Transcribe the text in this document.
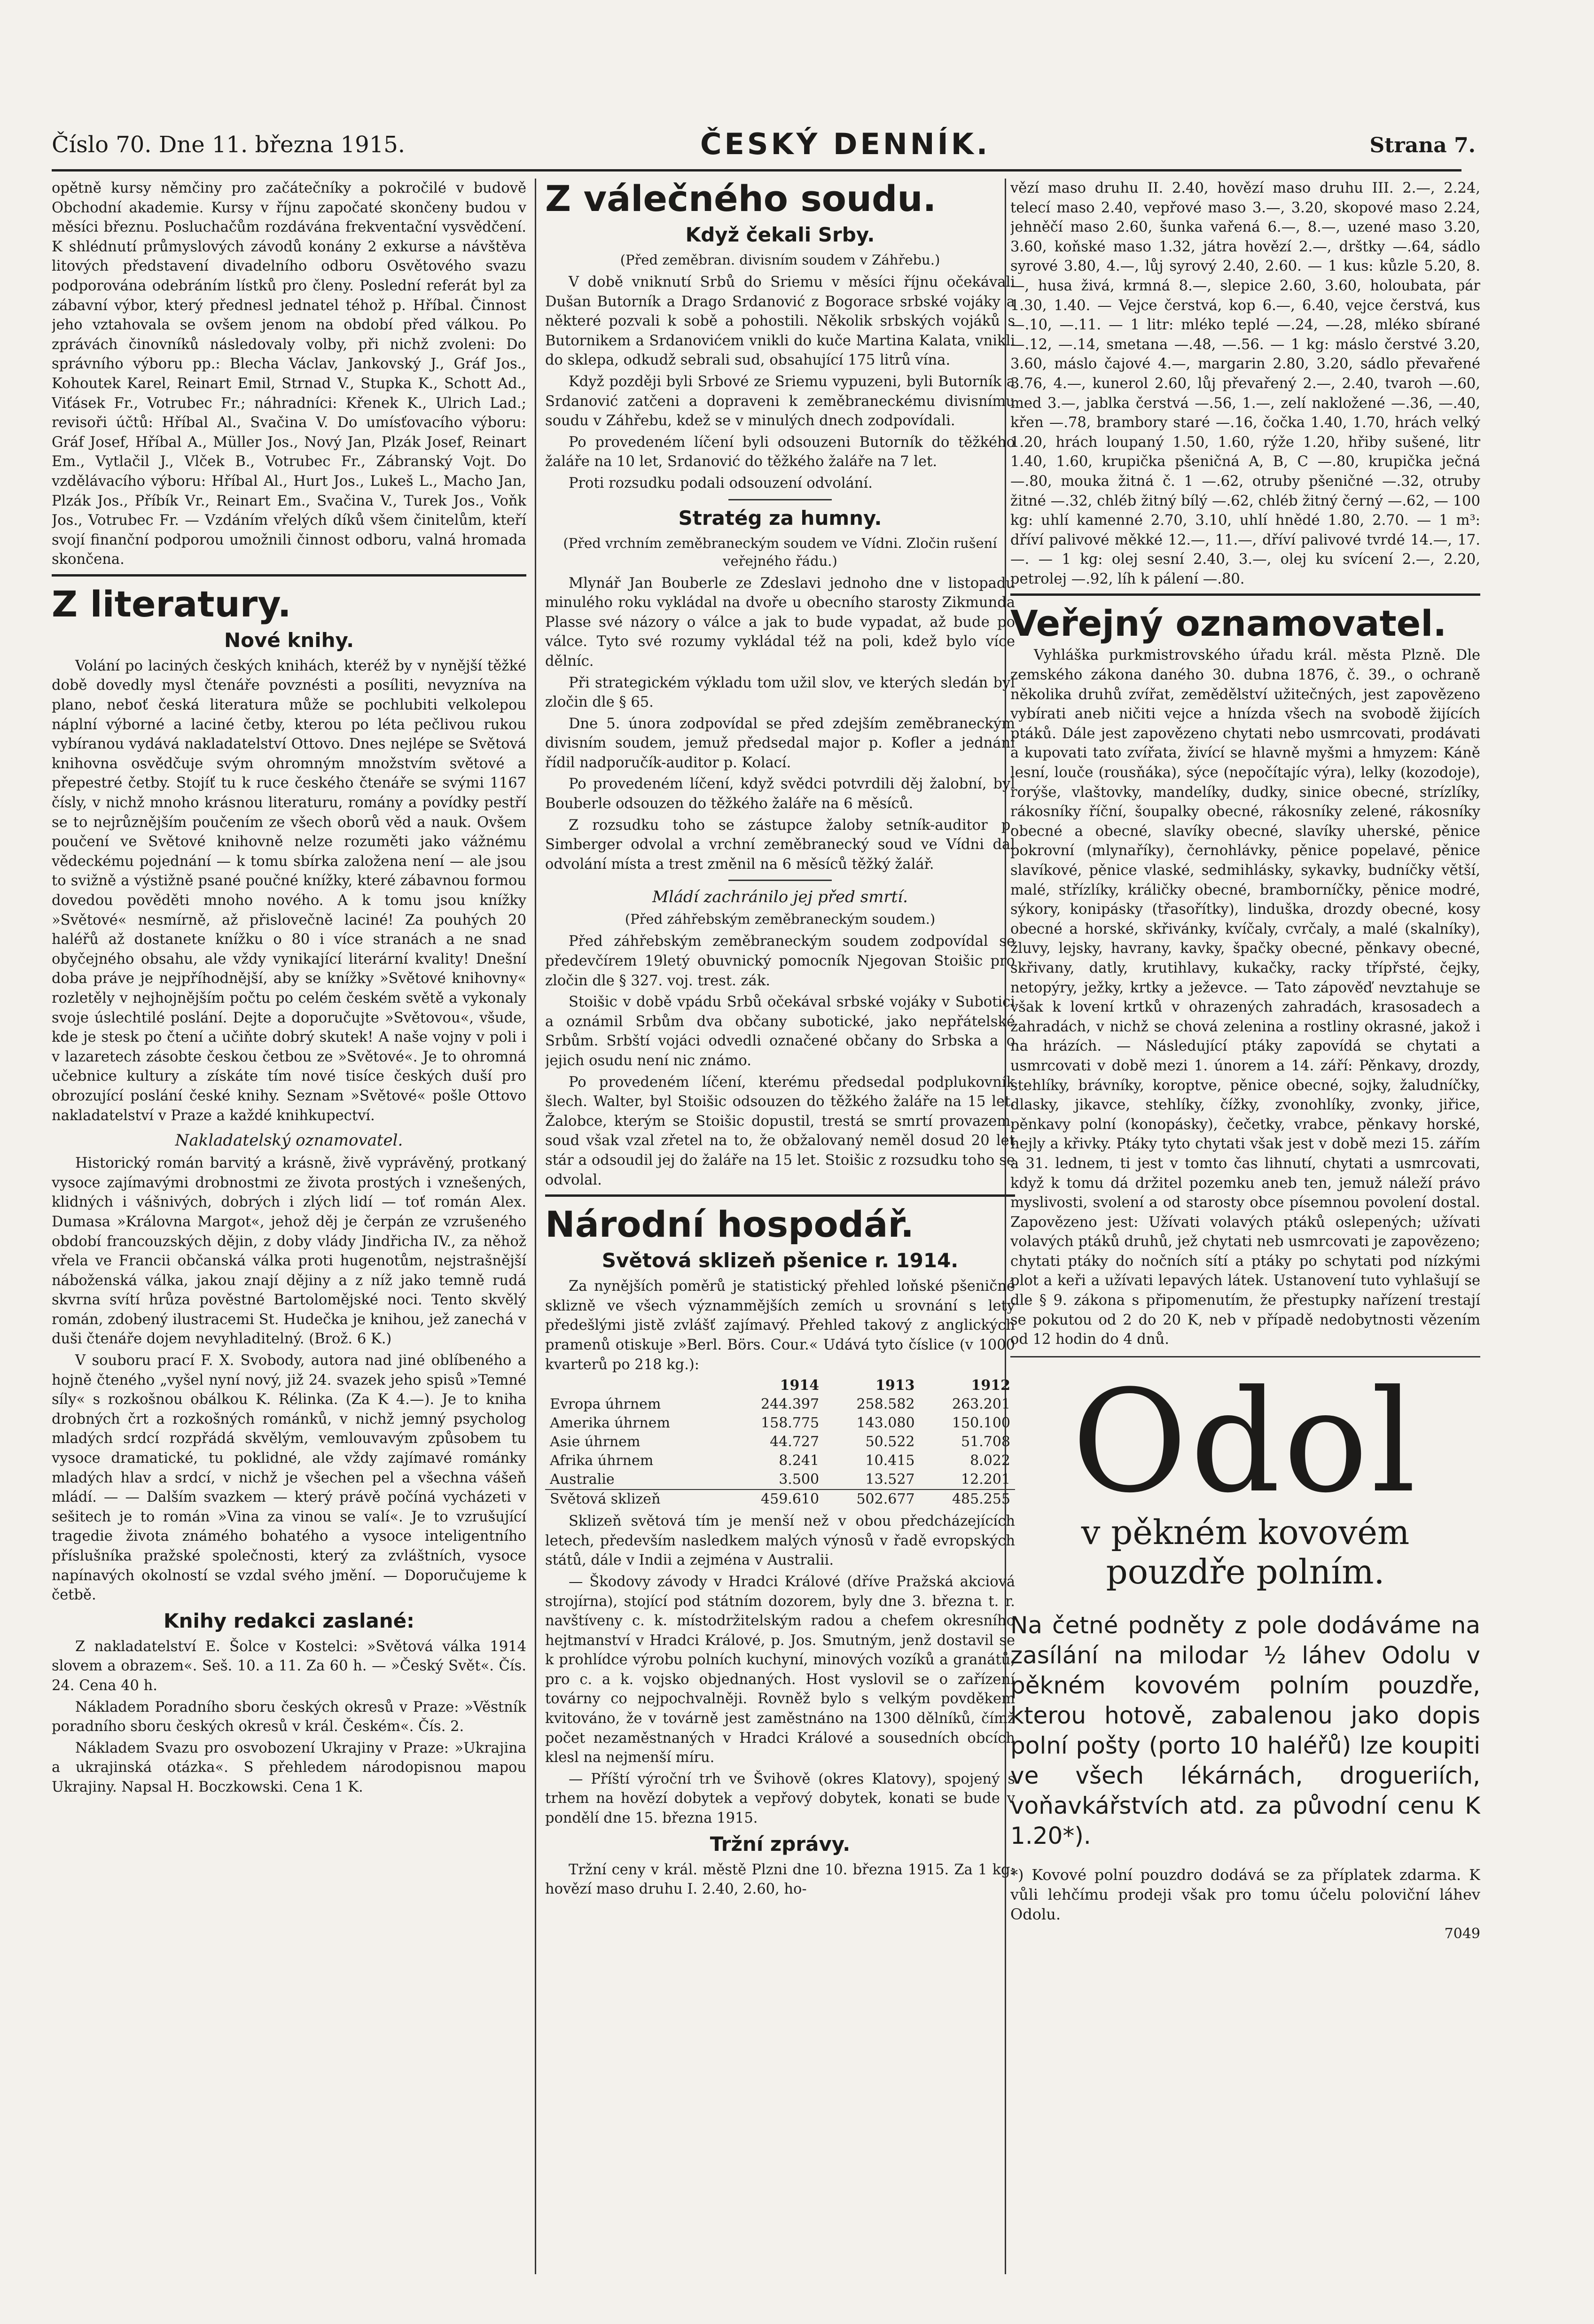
Číslo 70. Dne 11. března 1915.	ČESKÝ DENNÍK.	Strana 7.

opětně kursy němčiny pro začátečníky a pokročilé v budově Obchodní akademie. Kursy v říjnu započaté skončeny budou v měsíci březnu. Posluchačům rozdávána frekventační vysvědčení. K shlédnutí průmyslových závodů konány 2 exkurse a návštěva litových představení divadelního odboru Osvětového svazu podporována odebráním lístků pro členy. Poslední referát byl za zábavní výbor, který přednesl jednatel téhož p. Hříbal. Činnost jeho vztahovala se ovšem jenom na období před válkou. Po zprávách činovníků následovaly volby, při nichž zvoleni: Do správního výboru pp.: Blecha Václav, Jankovský J., Gráf Jos., Kohoutek Karel, Reinart Emil, Strnad V., Stupka K., Schott Ad., Viťásek Fr., Votrubec Fr.; náhradníci: Křenek K., Ulrich Lad.; revisoři účtů: Hříbal Al., Svačina V. Do umísťovacího výboru: Gráf Josef, Hříbal A., Müller Jos., Nový Jan, Plzák Josef, Reinart Em., Vytlačil J., Vlček B., Votrubec Fr., Zábranský Vojt. Do vzdělávacího výboru: Hříbal Al., Hurt Jos., Lukeš L., Macho Jan, Plzák Jos., Příbík Vr., Reinart Em., Svačina V., Turek Jos., Voňk Jos., Votrubec Fr. — Vzdáním vřelých díků všem činitelům, kteří svojí finanční podporou umožnili činnost odboru, valná hromada skončena.

Z literatury.
Nové knihy.

Volání po laciných českých knihách, kteréž by v nynější těžké době dovedly mysl čtenáře povznésti a posíliti, nevyzníva na plano, neboť česká literatura může se pochlubiti velkolepou náplní výborné a laciné četby, kterou po léta pečlivou rukou vybíranou vydává nakladatelství Ottovo. Dnes nejlépe se Světová knihovna osvědčuje svým ohromným množstvím světové a přepestré četby. Stojíť tu k ruce českého čtenáře se svými 1167 čísly, v nichž mnoho krásnou literaturu, romány a povídky pestří se to nejrůznějším poučením ze všech oborů věd a nauk. Ovšem poučení ve Světové knihovně nelze rozuměti jako vážnému vědeckému pojednání — k tomu sbírka založena není — ale jsou to svižně a výstižně psané poučné knížky, které zábavnou formou dovedou pověděti mnoho nového. A k tomu jsou knížky »Světové« nesmírně, až přislovečně laciné! Za pouhých 20 haléřů až dostanete knížku o 80 i více stranách a ne snad obyčejného obsahu, ale vždy vynikající literární kvality! Dnešní doba práve je nejpříhodnější, aby se knížky »Světové knihovny« rozletěly v nejhojnějším počtu po celém českém světě a vykonaly svoje úslechtilé poslání. Dejte a doporučujte »Světovou«, všude, kde je stesk po čtení a učiňte dobrý skutek! A naše vojny v poli i v lazaretech zásobte českou četbou ze »Světové«. Je to ohromná učebnice kultury a získáte tím nové tisíce českých duší pro obrozující poslání české knihy. Seznam »Světové« pošle Ottovo nakladatelství v Praze a každé knihkupectví.

Nakladatelský oznamovatel.

Historický román barvitý a krásně, živě vyprávěný, protkaný vysoce zajímavými drobnostmi ze života prostých i vznešených, klidných i vášnivých, dobrých i zlých lidí — toť román Alex. Dumasa »Královna Margot«, jehož děj je čerpán ze vzrušeného období francouzských dějin, z doby vlády Jindřicha IV., za něhož vřela ve Francii občanská válka proti hugenotům, nejstrašnější náboženská válka, jakou znají dějiny a z níž jako temně rudá skvrna svítí hrůza pověstné Bartolomějské noci. Tento skvělý román, zdobený ilustracemi St. Hudečka je knihou, jež zanechá v duši čtenáře dojem nevyhladitelný. (Brož. 6 K.)

V souboru prací F. X. Svobody, autora nad jiné oblíbeného a hojně čteného „vyšel nyní nový, již 24. svazek jeho spisů »Temné síly« s rozkošnou obálkou K. Rélinka. (Za K 4.—). Je to kniha drobných črt a rozkošných románků, v nichž jemný psycholog mladých srdcí rozpřádá skvělým, vemlouvavým způsobem tu vysoce dramatické, tu poklidné, ale vždy zajímavé románky mladých hlav a srdcí, v nichž je všechen pel a všechna vášeň mládí. — — Dalším svazkem — který právě počíná vycházeti v sešitech je to román »Vina za vinou se valí«. Je to vzrušující tragedie života známého bohatého a vysoce inteligentního příslušníka pražské společnosti, který za zvláštních, vysoce napínavých okolností se vzdal svého jmění. — Doporučujeme k četbě.

Knihy redakci zaslané:

Z nakladatelství E. Šolce v Kostelci: »Světová válka 1914 slovem a obrazem«. Seš. 10. a 11. Za 60 h. — »Český Svět«. Čís. 24. Cena 40 h.

Nákladem Poradního sboru českých okresů v Praze: »Věstník poradního sboru českých okresů v král. Českém«. Čís. 2.

Nákladem Svazu pro osvobození Ukrajiny v Praze: »Ukrajina a ukrajinská otázka«. S přehledem národopisnou mapou Ukrajiny. Napsal H. Boczkowski. Cena 1 K.

Z válečného soudu.
Když čekali Srby.
(Před zeměbran. divisním soudem v Záhřebu.)

V době vniknutí Srbů do Sriemu v měsíci říjnu očekávali Dušan Butorník a Drago Srdanović z Bogorace srbské vojáky a některé pozvali k sobě a pohostili. Několik srbských vojáků s Butornikem a Srdanovićem vnikli do kuče Martina Kalata, vnikli do sklepa, odkudž sebrali sud, obsahující 175 litrů vína.

Když později byli Srbové ze Sriemu vypuzeni, byli Butorník a Srdanović zatčeni a dopraveni k zeměbraneckému divisnímu soudu v Záhřebu, kdež se v minulých dnech zodpovídali.

Po provedeném líčení byli odsouzeni Butorník do těžkého žaláře na 10 let, Srdanović do těžkého žaláře na 7 let.

Proti rozsudku podali odsouzení odvolání.

Stratég za humny.
(Před vrchním zeměbraneckým soudem ve Vídni. Zločin rušení veřejného řádu.)

Mlynář Jan Bouberle ze Zdeslavi jednoho dne v listopadu minulého roku vykládal na dvoře u obecního starosty Zikmunda Plasse své názory o válce a jak to bude vypadat, až bude po válce. Tyto své rozumy vykládal též na poli, kdež bylo více dělníc.

Při strategickém výkladu tom užil slov, ve kterých sledán byl zločin dle § 65.

Dne 5. února zodpovídal se před zdejším zeměbraneckým divisním soudem, jemuž předsedal major p. Kofler a jednání řídil nadporučík-auditor p. Kolací.

Po provedeném líčení, když svědci potvrdili děj žalobní, byl Bouberle odsouzen do těžkého žaláře na 6 měsíců.

Z rozsudku toho se zástupce žaloby setník-auditor p. Simberger odvolal a vrchní zeměbranecký soud ve Vídni dal odvolání místa a trest změnil na 6 měsíců těžký žalář.

Mládí zachránilo jej před smrtí.
(Před záhřebským zeměbraneckým soudem.)

Před záhřebským zeměbraneckým soudem zodpovídal se předevčírem 19letý obuvnický pomocník Njegovan Stoišic pro zločin dle § 327. voj. trest. zák.

Stoišic v době vpádu Srbů očekával srbské vojáky v Subotici a oznámil Srbům dva občany subotické, jako nepřátelské Srbům. Srbští vojáci odvedli označené občany do Srbska a o jejich osudu není nic známo.

Po provedeném líčení, kterému předsedal podplukovník šlech. Walter, byl Stoišic odsouzen do těžkého žaláře na 15 let. Žalobce, kterým se Stoišic dopustil, trestá se smrtí provazem, soud však vzal zřetel na to, že obžalovaný neměl dosud 20 let stár a odsoudil jej do žaláře na 15 let. Stoišic z rozsudku toho se odvolal.

Národní hospodář.
Světová sklizeň pšenice r. 1914.

Za nynějších poměrů je statistický přehled loňské pšeničné sklizně ve všech význammějších zemích u srovnání s lety předešlými jistě zvlášť zajímavý. Přehled takový z anglických pramenů otiskuje »Berl. Börs. Cour.« Udává tyto číslice (v 1000 kvarterů po 218 kg.):

	1914	1913	1912
Evropa úhrnem	244.397	258.582	263.201
Amerika úhrnem	158.775	143.080	150.100
Asie úhrnem	44.727	50.522	51.708
Afrika úhrnem	8.241	10.415	8.022
Australie	3.500	13.527	12.201
Světová sklizeň	459.610	502.677	485.255

Sklizeň světová tím je menší než v obou předcházejících letech, především nasledkem malých výnosů v řadě evropských států, dále v Indii a zejména v Australii.

— Škodovy závody v Hradci Králové (dříve Pražská akciová strojírna), stojící pod státním dozorem, byly dne 3. března t. r. navštíveny c. k. místodržitelským radou a chefem okresního hejtmanství v Hradci Králové, p. Jos. Smutným, jenž dostavil se k prohlídce výrobu polních kuchyní, minových vozíků a granátů, pro c. a k. vojsko objednaných. Host vyslovil se o zařízení továrny co nejpochvalněji. Rovněž bylo s velkým povděkem kvitováno, že v továrně jest zaměstnáno na 1300 dělníků, čímž počet nezaměstnaných v Hradci Králové a sousedních obcích klesl na nejmenší míru.

— Příští výroční trh ve Švihově (okres Klatovy), spojený s trhem na hovězí dobytek a vepřový dobytek, konati se bude v pondělí dne 15. března 1915.

Tržní zprávy.

Tržní ceny v král. městě Plzni dne 10. března 1915. Za 1 kg: hovězí maso druhu I. 2.40, 2.60, ho-

vězí maso druhu II. 2.40, hovězí maso druhu III. 2.—, 2.24, telecí maso 2.40, vepřové maso 3.—, 3.20, skopové maso 2.24, jehněčí maso 2.60, šunka vařená 6.—, 8.—, uzené maso 3.20, 3.60, koňské maso 1.32, játra hovězí 2.—, drštky —.64, sádlo syrové 3.80, 4.—, lůj syrový 2.40, 2.60. — 1 kus: kůzle 5.20, 8.—, husa živá, krmná 8.—, slepice 2.60, 3.60, holoubata, pár 1.30, 1.40. — Vejce čerstvá, kop 6.—, 6.40, vejce čerstvá, kus —.10, —.11. — 1 litr: mléko teplé —.24, —.28, mléko sbírané —.12, —.14, smetana —.48, —.56. — 1 kg: máslo čerstvé 3.20, 3.60, máslo čajové 4.—, margarin 2.80, 3.20, sádlo převařené 3.76, 4.—, kunerol 2.60, lůj převařený 2.—, 2.40, tvaroh —.60, med 3.—, jablka čerstvá —.56, 1.—, zelí nakložené —.36, —.40, křen —.78, brambory staré —.16, čočka 1.40, 1.70, hrách velký 1.20, hrách loupaný 1.50, 1.60, rýže 1.20, hřiby sušené, litr 1.40, 1.60, krupička pšeničná A, B, C —.80, krupička ječná —.80, mouka žitná č. 1 —.62, otruby pšeničné —.32, otruby žitné —.32, chléb žitný bílý —.62, chléb žitný černý —.62, — 100 kg: uhlí kamenné 2.70, 3.10, uhlí hnědé 1.80, 2.70. — 1 m³: dříví palivové měkké 12.—, 11.—, dříví palivové tvrdé 14.—, 17.—. — 1 kg: olej sesní 2.40, 3.—, olej ku svícení 2.—, 2.20, petrolej —.92, líh k pálení —.80.

Veřejný oznamovatel.

Vyhláška purkmistrovského úřadu král. města Plzně. Dle zemského zákona daného 30. dubna 1876, č. 39., o ochraně několika druhů zvířat, zemědělství užitečných, jest zapovězeno vybírati aneb ničiti vejce a hnízda všech na svobodě žijících ptáků. Dále jest zapovězeno chytati nebo usmrcovati, prodávati a kupovati tato zvířata, živící se hlavně myšmi a hmyzem: Káně lesní, louče (rousňáka), sýce (nepočítajíc výra), lelky (kozodoje), rorýše, vlaštovky, mandelíky, dudky, sinice obecné, strízlíky, rákosníky říční, šoupalky obecné, rákosníky zelené, rákosníky obecné a obecné, slavíky obecné, slavíky uherské, pěnice pokrovní (mlynaříky), černohlávky, pěnice popelavé, pěnice slavíkové, pěnice vlaské, sedmihlásky, sykavky, budníčky větší, malé, střízlíky, králičky obecné, bramborníčky, pěnice modré, sýkory, konipásky (třasořítky), linduška, drozdy obecné, kosy obecné a horské, skřivánky, kvíčaly, cvrčaly, a malé (skalníky), žluvy, lejsky, havrany, kavky, špačky obecné, pěnkavy obecné, skřivany, datly, krutihlavy, kukačky, racky třípřsté, čejky, netopýry, ježky, krtky a ježevce. — Tato zápověď nevztahuje se však k lovení krtků v ohrazených zahradách, krasosadech a zahradách, v nichž se chová zelenina a rostliny okrasné, jakož i na hrázích. — Následující ptáky zapovídá se chytati a usmrcovati v době mezi 1. únorem a 14. září: Pěnkavy, drozdy, stehlíky, brávníky, koroptve, pěnice obecné, sojky, žaludníčky, dlasky, jikavce, stehlíky, čížky, zvonohlíky, zvonky, jiřice, pěnkavy polní (konopásky), čečetky, vrabce, pěnkavy horské, hejly a křivky. Ptáky tyto chytati však jest v době mezi 15. zářím a 31. lednem, ti jest v tomto čas lihnutí, chytati a usmrcovati, když k tomu dá držitel pozemku aneb ten, jemuž náleží právo myslivosti, svolení a od starosty obce písemnou povolení dostal. Zapovězeno jest: Užívati volavých ptáků oslepených; užívati volavých ptáků druhů, jež chytati neb usmrcovati je zapovězeno; chytati ptáky do nočních sítí a ptáky po schytati pod nízkými plot a keři a užívati lepavých látek. Ustanovení tuto vyhlašují se dle § 9. zákona s připomenutím, že přestupky nařízení trestají se pokutou od 2 do 20 K, neb v případě nedobytnosti vězením od 12 hodin do 4 dnů.

Odol
v pěkném kovovém
pouzdře polním.
Na četné podněty z pole dodáváme na zasílání na milodar ½ láhev Odolu v pěkném kovovém polním pouzdře, kterou hotově, zabalenou jako dopis polní pošty (porto 10 haléřů) lze koupiti ve všech lékárnách, drogueriích, voňavkářstvích atd. za původní cenu K 1.20*).
*) Kovové polní pouzdro dodává se za příplatek zdarma. K vůli lehčímu prodeji však pro tomu účelu poloviční láhev Odolu.
7049
